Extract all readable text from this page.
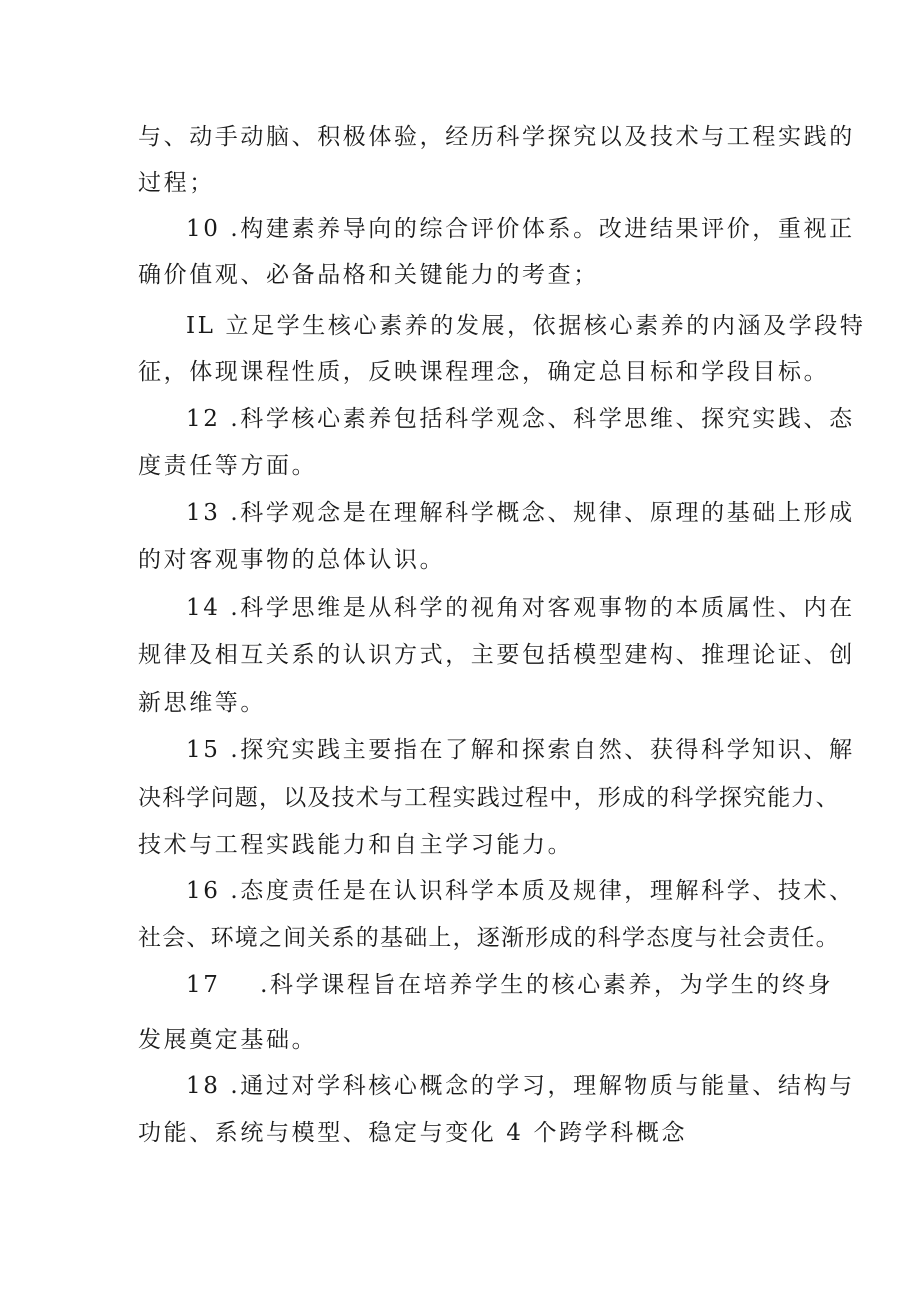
与、动手动脑、积极体验，经历科学探究以及技术与工程实践的
过程；
10 .构建素养导向的综合评价体系。改进结果评价，重视正
确价值观、必备品格和关键能力的考查；
IL 立足学生核心素养的发展，依据核心素养的内涵及学段特
征，体现课程性质，反映课程理念，确定总目标和学段目标。
12 .科学核心素养包括科学观念、科学思维、探究实践、态
度责任等方面。
13 .科学观念是在理解科学概念、规律、原理的基础上形成
的对客观事物的总体认识。
14 .科学思维是从科学的视角对客观事物的本质属性、内在
规律及相互关系的认识方式，主要包括模型建构、推理论证、创
新思维等。
15 .探究实践主要指在了解和探索自然、获得科学知识、解
决科学问题，以及技术与工程实践过程中，形成的科学探究能力、
技术与工程实践能力和自主学习能力。
16 .态度责任是在认识科学本质及规律，理解科学、技术、
社会、环境之间关系的基础上，逐渐形成的科学态度与社会责任。
17    .科学课程旨在培养学生的核心素养，为学生的终身
发展奠定基础。
18 .通过对学科核心概念的学习，理解物质与能量、结构与
功能、系统与模型、稳定与变化 4 个跨学科概念
